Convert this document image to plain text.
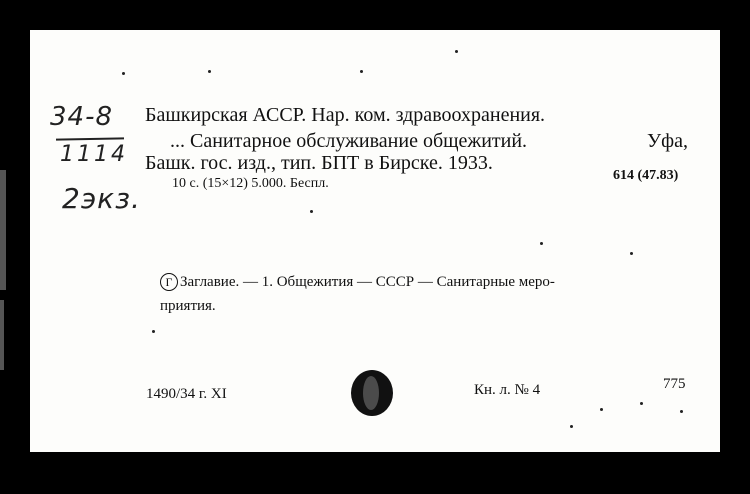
34-8
1114
2экз.
Башкирская АССР. Нар. ком. здравоохранения.
... Санитарное обслуживание общежитий.	Уфа,
Башк. гос. изд., тип. БПТ в Бирске. 1933.
10 с. (15×12) 5.000. Беспл.
614 (47.83)
Г Заглавие. — 1. Общежития — СССР — Санитарные меро-
приятия.
1490/34 г. XI	Кн. л. № 4	775
